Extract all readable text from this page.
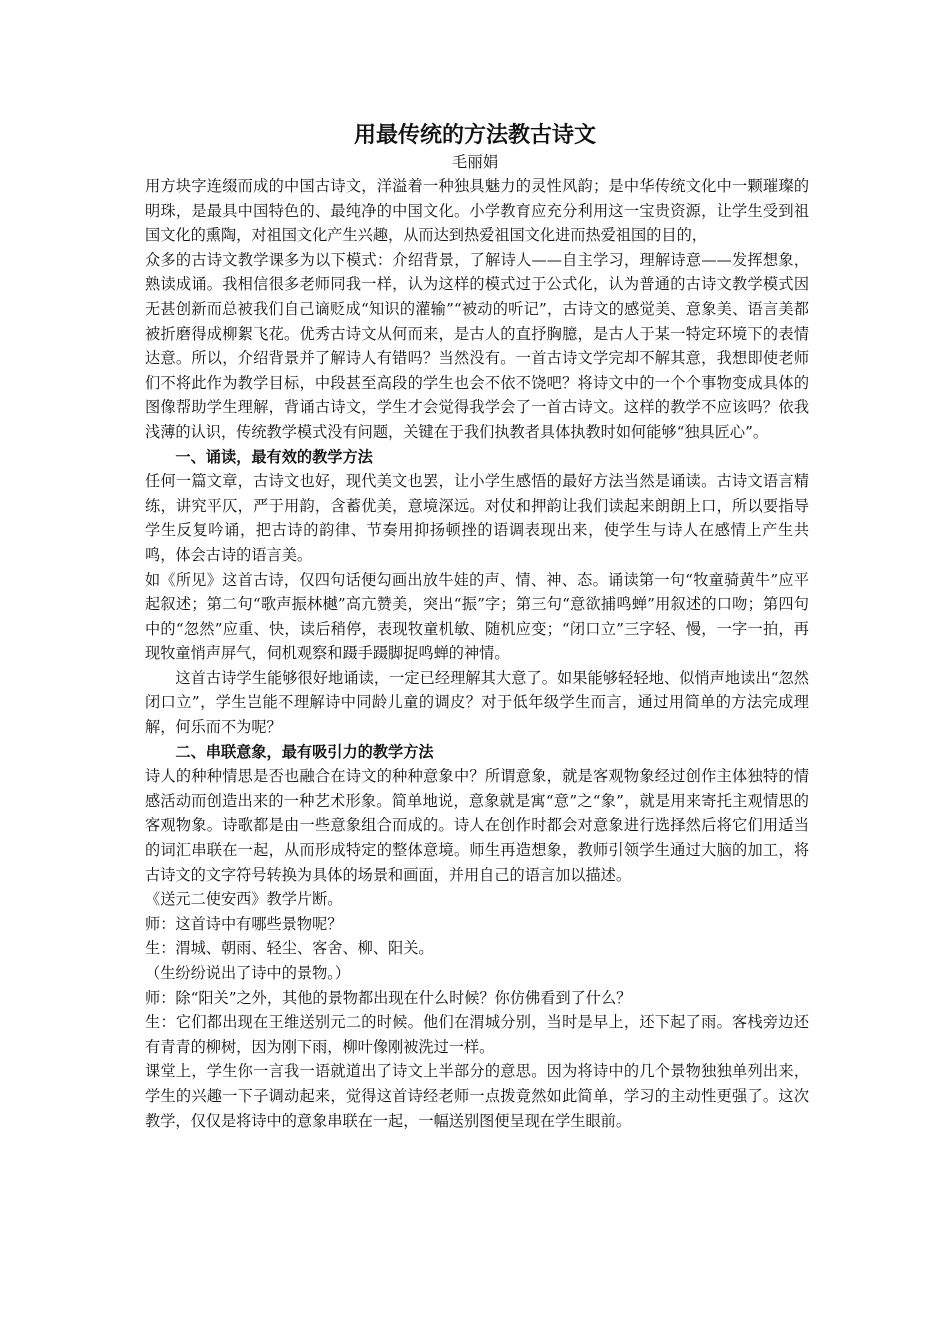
用最传统的方法教古诗文
毛丽娟

用方块字连缀而成的中国古诗文，洋溢着一种独具魅力的灵性风韵；是中华传统文化中一颗璀璨的明珠，是最具中国特色的、最纯净的中国文化。小学教育应充分利用这一宝贵资源，让学生受到祖国文化的熏陶，对祖国文化产生兴趣，从而达到热爱祖国文化进而热爱祖国的目的，

众多的古诗文教学课多为以下模式：介绍背景，了解诗人——自主学习，理解诗意——发挥想象，熟读成诵。我相信很多老师同我一样，认为这样的模式过于公式化，认为普通的古诗文教学模式因无甚创新而总被我们自己谪贬成“知识的灌输”“被动的听记”，古诗文的感觉美、意象美、语言美都被折磨得成柳絮飞花。优秀古诗文从何而来，是古人的直抒胸臆，是古人于某一特定环境下的表情达意。所以，介绍背景并了解诗人有错吗？当然没有。一首古诗文学完却不解其意，我想即使老师们不将此作为教学目标，中段甚至高段的学生也会不依不饶吧？将诗文中的一个个事物变成具体的图像帮助学生理解，背诵古诗文，学生才会觉得我学会了一首古诗文。这样的教学不应该吗？依我浅薄的认识，传统教学模式没有问题，关键在于我们执教者具体执教时如何能够“独具匠心”。

一、诵读，最有效的教学方法

任何一篇文章，古诗文也好，现代美文也罢，让小学生感悟的最好方法当然是诵读。古诗文语言精练，讲究平仄，严于用韵，含蓄优美，意境深远。对仗和押韵让我们读起来朗朗上口，所以要指导学生反复吟诵，把古诗的韵律、节奏用抑扬顿挫的语调表现出来，使学生与诗人在感情上产生共鸣，体会古诗的语言美。

如《所见》这首古诗，仅四句话便勾画出放牛娃的声、情、神、态。诵读第一句“牧童骑黄牛”应平起叙述；第二句“歌声振林樾”高亢赞美，突出“振”字；第三句“意欲捕鸣蝉”用叙述的口吻；第四句中的“忽然”应重、快，读后稍停，表现牧童机敏、随机应变；“闭口立”三字轻、慢，一字一拍，再现牧童悄声屏气，伺机观察和蹑手蹑脚捉鸣蝉的神情。

这首古诗学生能够很好地诵读，一定已经理解其大意了。如果能够轻轻地、似悄声地读出“忽然闭口立”，学生岂能不理解诗中同龄儿童的调皮？对于低年级学生而言，通过用简单的方法完成理解，何乐而不为呢？

二、串联意象，最有吸引力的教学方法

诗人的种种情思是否也融合在诗文的种种意象中？所谓意象，就是客观物象经过创作主体独特的情感活动而创造出来的一种艺术形象。简单地说，意象就是寓“意”之“象”，就是用来寄托主观情思的客观物象。诗歌都是由一些意象组合而成的。诗人在创作时都会对意象进行选择然后将它们用适当的词汇串联在一起，从而形成特定的整体意境。师生再造想象，教师引领学生通过大脑的加工，将古诗文的文字符号转换为具体的场景和画面，并用自己的语言加以描述。

《送元二使安西》教学片断。

师：这首诗中有哪些景物呢？

生：渭城、朝雨、轻尘、客舍、柳、阳关。

（生纷纷说出了诗中的景物。）

师：除“阳关”之外，其他的景物都出现在什么时候？你仿佛看到了什么？

生：它们都出现在王维送别元二的时候。他们在渭城分别，当时是早上，还下起了雨。客栈旁边还有青青的柳树，因为刚下雨，柳叶像刚被洗过一样。

课堂上，学生你一言我一语就道出了诗文上半部分的意思。因为将诗中的几个景物独独单列出来，学生的兴趣一下子调动起来，觉得这首诗经老师一点拨竟然如此简单，学习的主动性更强了。这次教学，仅仅是将诗中的意象串联在一起，一幅送别图便呈现在学生眼前。
